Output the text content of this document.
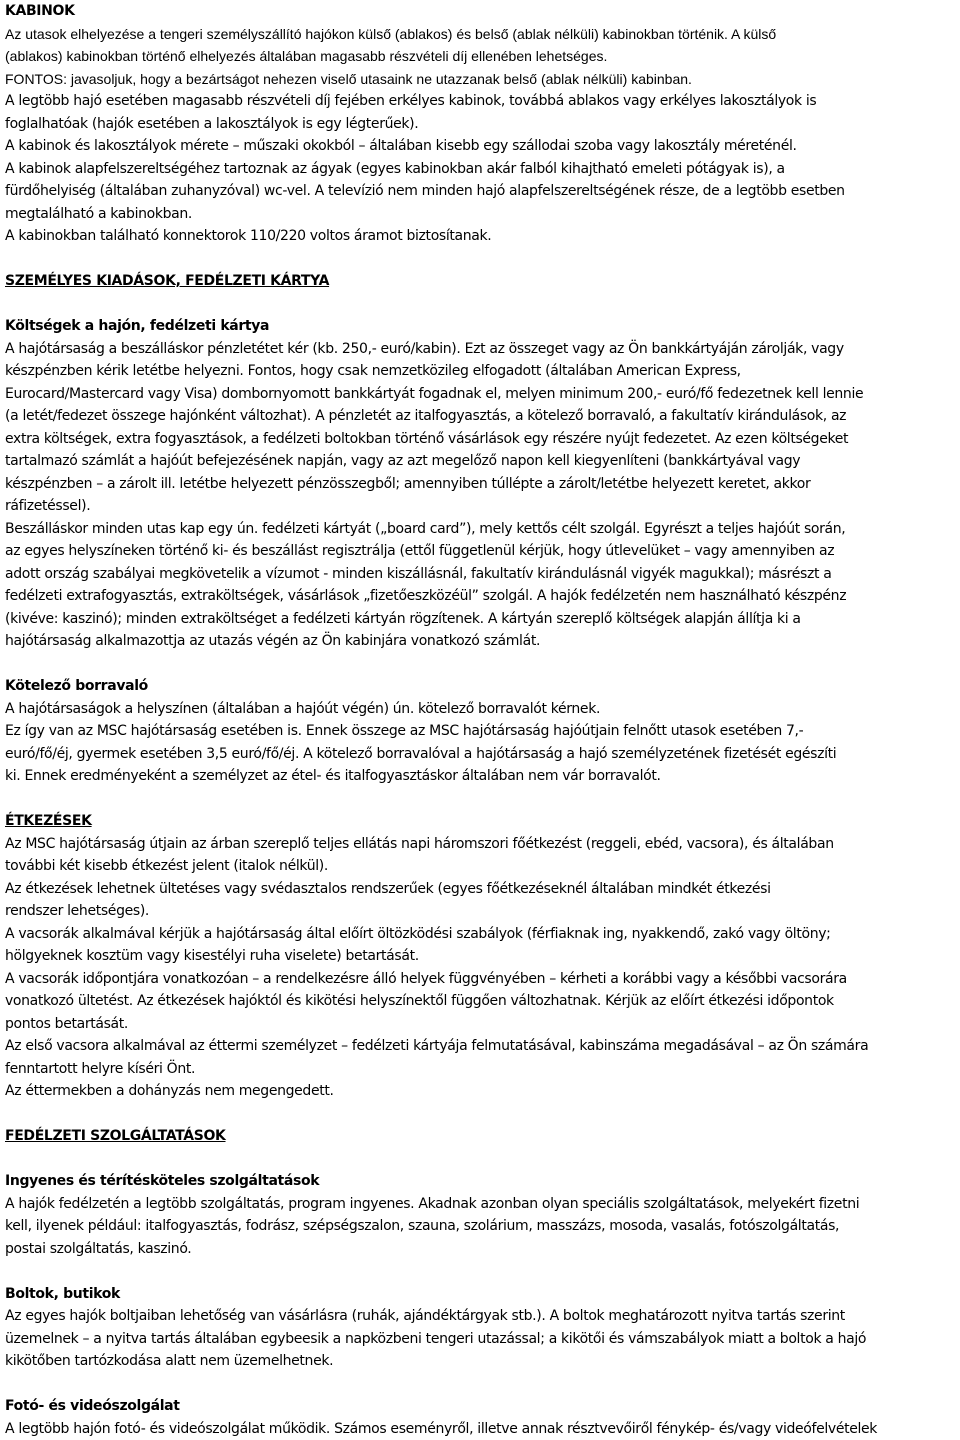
KABINOK
Az utasok elhelyezése a tengeri személyszállító hajókon külső (ablakos) és belső (ablak nélküli) kabinokban történik. A külső
(ablakos) kabinokban történő elhelyezés általában magasabb részvételi díj ellenében lehetséges.
FONTOS: javasoljuk, hogy a bezártságot nehezen viselő utasaink ne utazzanak belső (ablak nélküli) kabinban.
A legtöbb hajó esetében magasabb részvételi díj fejében erkélyes kabinok, továbbá ablakos vagy erkélyes lakosztályok is
foglalhatóak (hajók esetében a lakosztályok is egy légterűek).
A kabinok és lakosztályok mérete – műszaki okokból – általában kisebb egy szállodai szoba vagy lakosztály méreténél.
A kabinok alapfelszereltségéhez tartoznak az ágyak (egyes kabinokban akár falból kihajtható emeleti pótágyak is), a
fürdőhelyiség (általában zuhanyzóval) wc-vel. A televízió nem minden hajó alapfelszereltségének része, de a legtöbb esetben
megtalálható a kabinokban.
A kabinokban található konnektorok 110/220 voltos áramot biztosítanak.
SZEMÉLYES KIADÁSOK, FEDÉLZETI KÁRTYA
Költségek a hajón, fedélzeti kártya
A hajótársaság a beszálláskor pénzletétet kér (kb. 250,- euró/kabin). Ezt az összeget vagy az Ön bankkártyáján zárolják, vagy
készpénzben kérik letétbe helyezni. Fontos, hogy csak nemzetközileg elfogadott (általában American Express,
Eurocard/Mastercard vagy Visa) dombornyomott bankkártyát fogadnak el, melyen minimum 200,- euró/fő fedezetnek kell lennie
(a letét/fedezet összege hajónként változhat). A pénzletét az italfogyasztás, a kötelező borravaló, a fakultatív kirándulások, az
extra költségek, extra fogyasztások, a fedélzeti boltokban történő vásárlások egy részére nyújt fedezetet. Az ezen költségeket
tartalmazó számlát a hajóút befejezésének napján, vagy az azt megelőző napon kell kiegyenlíteni (bankkártyával vagy
készpénzben – a zárolt ill. letétbe helyezett pénzösszegből; amennyiben túllépte a zárolt/letétbe helyezett keretet, akkor
ráfizetéssel).
Beszálláskor minden utas kap egy ún. fedélzeti kártyát („board card”), mely kettős célt szolgál. Egyrészt a teljes hajóút során,
az egyes helyszíneken történő ki- és beszállást regisztrálja (ettől függetlenül kérjük, hogy útlevelüket – vagy amennyiben az
adott ország szabályai megkövetelik a vízumot - minden kiszállásnál, fakultatív kirándulásnál vigyék magukkal); másrészt a
fedélzeti extrafogyasztás, extraköltségek, vásárlások „fizetőeszközéül” szolgál. A hajók fedélzetén nem használható készpénz
(kivéve: kaszinó); minden extraköltséget a fedélzeti kártyán rögzítenek. A kártyán szereplő költségek alapján állítja ki a
hajótársaság alkalmazottja az utazás végén az Ön kabinjára vonatkozó számlát.
Kötelező borravaló
A hajótársaságok a helyszínen (általában a hajóút végén) ún. kötelező borravalót kérnek.
Ez így van az MSC hajótársaság esetében is. Ennek összege az MSC hajótársaság hajóútjain felnőtt utasok esetében 7,-
euró/fő/éj, gyermek esetében 3,5 euró/fő/éj. A kötelező borravalóval a hajótársaság a hajó személyzetének fizetését egészíti
ki. Ennek eredményeként a személyzet az étel- és italfogyasztáskor általában nem vár borravalót.
ÉTKEZÉSEK
Az MSC hajótársaság útjain az árban szereplő teljes ellátás napi háromszori főétkezést (reggeli, ebéd, vacsora), és általában
további két kisebb étkezést jelent (italok nélkül).
Az étkezések lehetnek ültetéses vagy svédasztalos rendszerűek (egyes főétkezéseknél általában mindkét étkezési
rendszer lehetséges).
A vacsorák alkalmával kérjük a hajótársaság által előírt öltözködési szabályok (férfiaknak ing, nyakkendő, zakó vagy öltöny;
hölgyeknek kosztüm vagy kisestélyi ruha viselete) betartását.
A vacsorák időpontjára vonatkozóan – a rendelkezésre álló helyek függvényében – kérheti a korábbi vagy a későbbi vacsorára
vonatkozó ültetést. Az étkezések hajóktól és kikötési helyszínektől függően változhatnak. Kérjük az előírt étkezési időpontok
pontos betartását.
Az első vacsora alkalmával az éttermi személyzet – fedélzeti kártyája felmutatásával, kabinszáma megadásával – az Ön számára
fenntartott helyre kíséri Önt.
Az éttermekben a dohányzás nem megengedett.
FEDÉLZETI SZOLGÁLTATÁSOK
Ingyenes és térítésköteles szolgáltatások
A hajók fedélzetén a legtöbb szolgáltatás, program ingyenes. Akadnak azonban olyan speciális szolgáltatások, melyekért fizetni
kell, ilyenek például: italfogyasztás, fodrász, szépségszalon, szauna, szolárium, masszázs, mosoda, vasalás, fotószolgáltatás,
postai szolgáltatás, kaszinó.
Boltok, butikok
Az egyes hajók boltjaiban lehetőség van vásárlásra (ruhák, ajándéktárgyak stb.). A boltok meghatározott nyitva tartás szerint
üzemelnek – a nyitva tartás általában egybeesik a napközbeni tengeri utazással; a kikötői és vámszabályok miatt a boltok a hajó
kikötőben tartózkodása alatt nem üzemelhetnek.
Fotó- és videószolgálat
A legtöbb hajón fotó- és videószolgálat működik. Számos eseményről, illetve annak résztvevőiről fénykép- és/vagy videófelvételek
